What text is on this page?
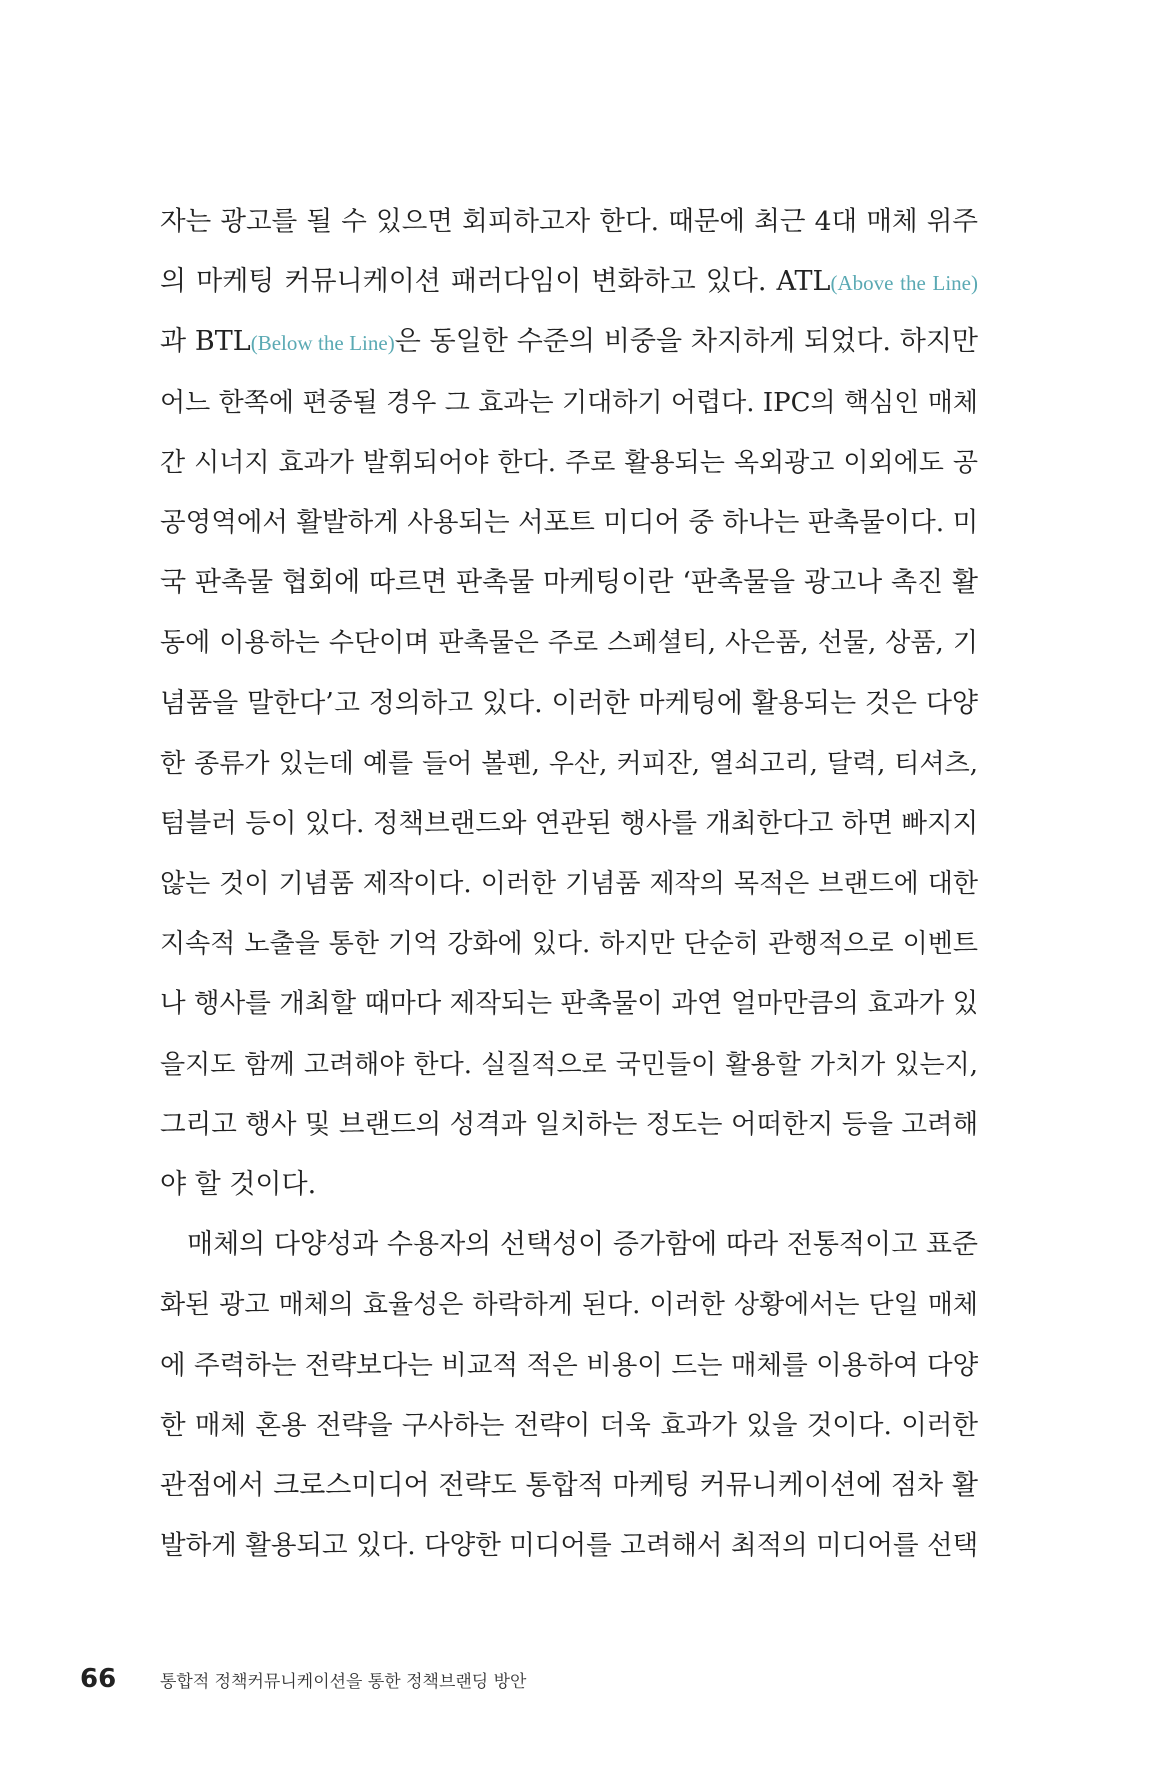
자는 광고를 될 수 있으면 회피하고자 한다. 때문에 최근 4대 매체 위주
의 마케팅 커뮤니케이션 패러다임이 변화하고 있다. ATL(Above the Line)
과 BTL(Below the Line)은 동일한 수준의 비중을 차지하게 되었다. 하지만
어느 한쪽에 편중될 경우 그 효과는 기대하기 어렵다. IPC의 핵심인 매체
간 시너지 효과가 발휘되어야 한다. 주로 활용되는 옥외광고 이외에도 공
공영역에서 활발하게 사용되는 서포트 미디어 중 하나는 판촉물이다. 미
국 판촉물 협회에 따르면 판촉물 마케팅이란 ‘판촉물을 광고나 촉진 활
동에 이용하는 수단이며 판촉물은 주로 스페셜티, 사은품, 선물, 상품, 기
념품을 말한다’고 정의하고 있다. 이러한 마케팅에 활용되는 것은 다양
한 종류가 있는데 예를 들어 볼펜, 우산, 커피잔, 열쇠고리, 달력, 티셔츠,
텀블러 등이 있다. 정책브랜드와 연관된 행사를 개최한다고 하면 빠지지
않는 것이 기념품 제작이다. 이러한 기념품 제작의 목적은 브랜드에 대한
지속적 노출을 통한 기억 강화에 있다. 하지만 단순히 관행적으로 이벤트
나 행사를 개최할 때마다 제작되는 판촉물이 과연 얼마만큼의 효과가 있
을지도 함께 고려해야 한다. 실질적으로 국민들이 활용할 가치가 있는지,
그리고 행사 및 브랜드의 성격과 일치하는 정도는 어떠한지 등을 고려해
야 할 것이다.
매체의 다양성과 수용자의 선택성이 증가함에 따라 전통적이고 표준
화된 광고 매체의 효율성은 하락하게 된다. 이러한 상황에서는 단일 매체
에 주력하는 전략보다는 비교적 적은 비용이 드는 매체를 이용하여 다양
한 매체 혼용 전략을 구사하는 전략이 더욱 효과가 있을 것이다. 이러한
관점에서 크로스미디어 전략도 통합적 마케팅 커뮤니케이션에 점차 활
발하게 활용되고 있다. 다양한 미디어를 고려해서 최적의 미디어를 선택
66	통합적 정책커뮤니케이션을 통한 정책브랜딩 방안
